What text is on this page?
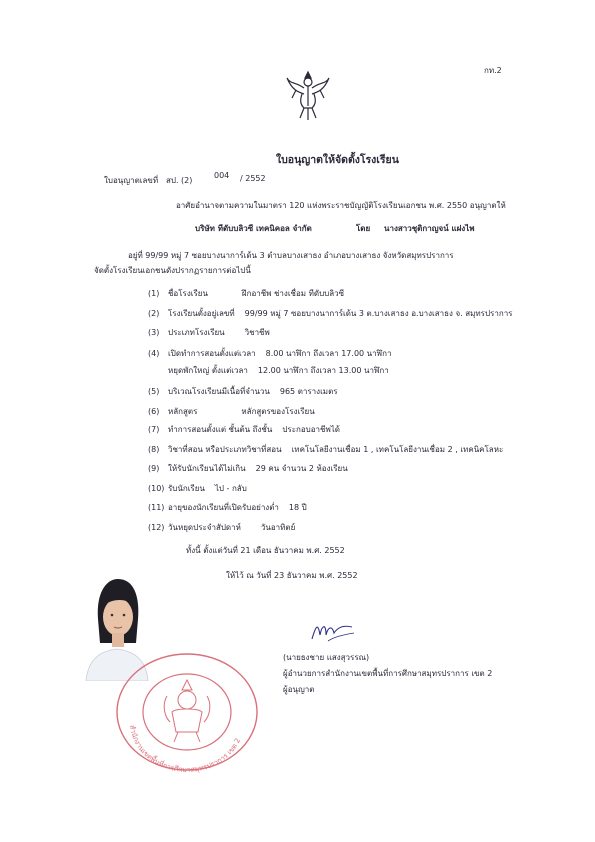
กท.2
ใบอนุญาตให้จัดตั้งโรงเรียน
ใบอนุญาตเลขที่ สป. (2)
004 / 2552
อาศัยอำนาจตามความในมาตรา 120 แห่งพระราชบัญญัติโรงเรียนเอกชน พ.ศ. 2550 อนุญาตให้
บริษัท ทีดับบลิวซี เทคนิคอล จำกัด	โดย นางสาวชุติกาญจน์ แฝงไพ
อยู่ที่ 99/99 หมู่ 7 ซอยบางนาการ์เด้น 3 ตำบลบางเสาธง อำเภอบางเสาธง จังหวัดสมุทรปราการ
จัดตั้งโรงเรียนเอกชนดังปรากฏรายการต่อไปนี้
(1) ชื่อโรงเรียน	ฝึกอาชีพ ช่างเชื่อม ทีดับบลิวซี
(2) โรงเรียนตั้งอยู่เลขที่ 99/99 หมู่ 7 ซอยบางนาการ์เด้น 3 ต.บางเสาธง อ.บางเสาธง จ. สมุทรปราการ
(3) ประเภทโรงเรียน	วิชาชีพ
(4) เปิดทำการสอนตั้งแต่เวลา 8.00 นาฬิกา ถึงเวลา 17.00 นาฬิกา
หยุดพักใหญ่ ตั้งแต่เวลา 12.00 นาฬิกา ถึงเวลา 13.00 นาฬิกา
(5) บริเวณโรงเรียนมีเนื้อที่จำนวน 965 ตารางเมตร
(6) หลักสูตร	หลักสูตรของโรงเรียน
(7) ทำการสอนตั้งแต่ ชั้นต้น ถึงชั้น ประกอบอาชีพได้
(8) วิชาที่สอน หรือประเภทวิชาที่สอน เทคโนโลยีงานเชื่อม 1 , เทคโนโลยีงานเชื่อม 2 , เทคนิคโลหะ
(9) ให้รับนักเรียนได้ไม่เกิน 29 คน จำนวน 2 ห้องเรียน
(10) รับนักเรียน ไป - กลับ
(11) อายุของนักเรียนที่เปิดรับอย่างต่ำ 18 ปี
(12) วันหยุดประจำสัปดาห์	วันอาทิตย์
ทั้งนี้ ตั้งแต่วันที่ 21 เดือน ธันวาคม พ.ศ. 2552
ให้ไว้ ณ วันที่ 23 ธันวาคม พ.ศ. 2552
(นายธงชาย แสงสุวรรณ)
ผู้อำนวยการสำนักงานเขตพื้นที่การศึกษาสมุทรปราการ เขต 2
ผู้อนุญาต
สำนักงานเขตพื้นที่การศึกษาสมุทรปราการ เขต 2
